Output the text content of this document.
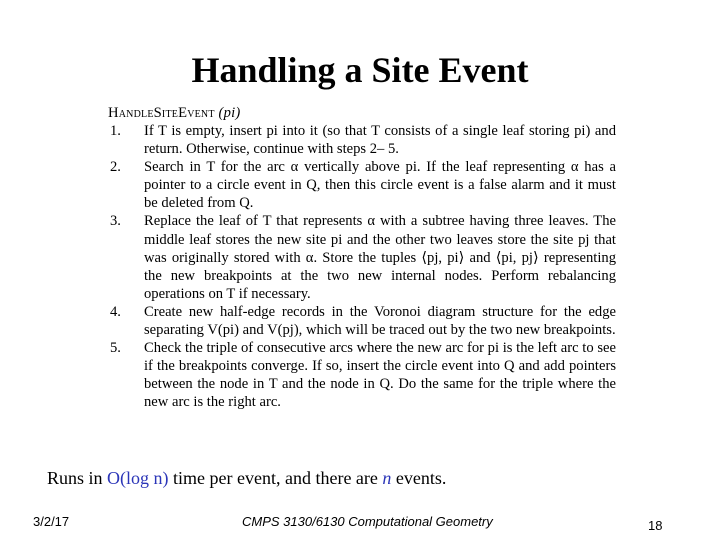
Handling a Site Event
HandleSiteEvent (pi)
1.	If T is empty, insert pi into it (so that T consists of a single leaf storing pi) and return. Otherwise, continue with steps 2– 5.
2.	Search in T for the arc α vertically above pi. If the leaf representing α has a pointer to a circle event in Q, then this circle event is a false alarm and it must be deleted from Q.
3.	Replace the leaf of T that represents α with a subtree having three leaves. The middle leaf stores the new site pi and the other two leaves store the site pj that was originally stored with α. Store the tuples ⟨pj, pi⟩ and ⟨pi, pj⟩ representing the new breakpoints at the two new internal nodes. Perform rebalancing operations on T if necessary.
4.	Create new half-edge records in the Voronoi diagram structure for the edge separating V(pi) and V(pj), which will be traced out by the two new breakpoints.
5.	Check the triple of consecutive arcs where the new arc for pi is the left arc to see if the breakpoints converge. If so, insert the circle event into Q and add pointers between the node in T and the node in Q. Do the same for the triple where the new arc is the right arc.
Runs in O(log n) time per event, and there are n events.
3/2/17	CMPS 3130/6130 Computational Geometry	18
